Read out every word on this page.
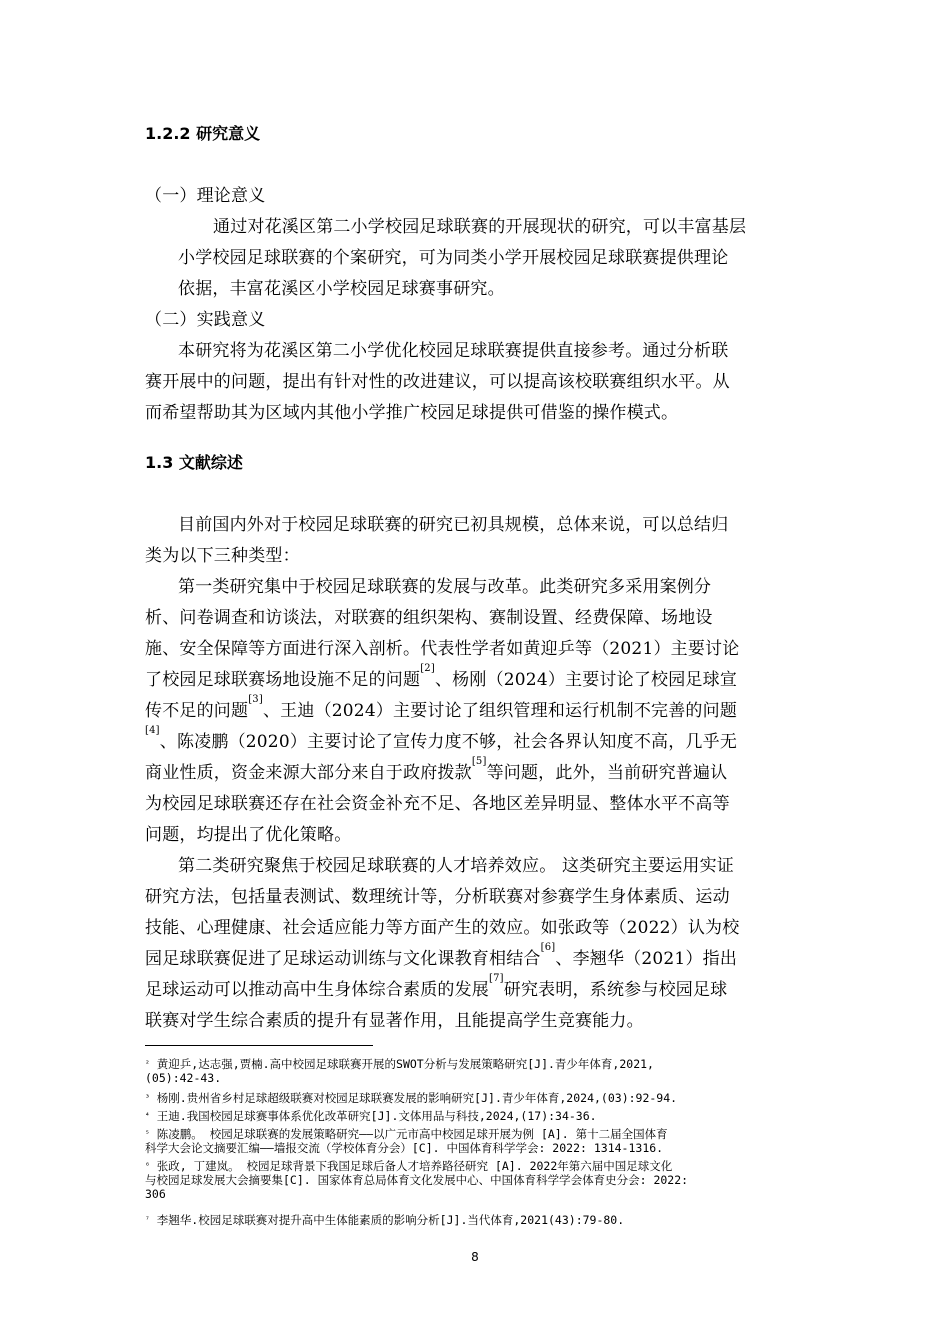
1.2.2 研究意义
（一）理论意义
通过对花溪区第二小学校园足球联赛的开展现状的研究，可以丰富基层
小学校园足球联赛的个案研究，可为同类小学开展校园足球联赛提供理论
依据，丰富花溪区小学校园足球赛事研究。
（二）实践意义
本研究将为花溪区第二小学优化校园足球联赛提供直接参考。通过分析联
赛开展中的问题，提出有针对性的改进建议，可以提高该校联赛组织水平。从
而希望帮助其为区域内其他小学推广校园足球提供可借鉴的操作模式。
1.3 文献综述
目前国内外对于校园足球联赛的研究已初具规模，总体来说，可以总结归
类为以下三种类型：
第一类研究集中于校园足球联赛的发展与改革。此类研究多采用案例分
析、问卷调查和访谈法，对联赛的组织架构、赛制设置、经费保障、场地设
施、安全保障等方面进行深入剖析。代表性学者如黄迎乒等（2021）主要讨论
了校园足球联赛场地设施不足的问题[2]、杨刚（2024）主要讨论了校园足球宣
传不足的问题[3]、王迪（2024）主要讨论了组织管理和运行机制不完善的问题
[4]、陈凌鹏（2020）主要讨论了宣传力度不够，社会各界认知度不高，几乎无
商业性质，资金来源大部分来自于政府拨款[5]等问题，此外，当前研究普遍认
为校园足球联赛还存在社会资金补充不足、各地区差异明显、整体水平不高等
问题，均提出了优化策略。
第二类研究聚焦于校园足球联赛的人才培养效应。 这类研究主要运用实证
研究方法，包括量表测试、数理统计等，分析联赛对参赛学生身体素质、运动
技能、心理健康、社会适应能力等方面产生的效应。如张政等（2022）认为校
园足球联赛促进了足球运动训练与文化课教育相结合[6]、李翘华（2021）指出
足球运动可以推动高中生身体综合素质的发展[7]研究表明，系统参与校园足球
联赛对学生综合素质的提升有显著作用，且能提高学生竞赛能力。
$^{^2}$ 黄迎乒,达志强,贾楠.高中校园足球联赛开展的SWOT分析与发展策略研究[J].青少年体育,2021,
(05):42-43.
$^{^3}$ 杨刚.贵州省乡村足球超级联赛对校园足球联赛发展的影响研究[J].青少年体育,2024,(03):92-94.
$^{^4}$ 王迪.我国校园足球赛事体系优化改革研究[J].文体用品与科技,2024,(17):34-36.
$^{^5}$ 陈凌鹏。 校园足球联赛的发展策略研究——以广元市高中校园足球开展为例 [A]. 第十二届全国体育
科学大会论文摘要汇编——墙报交流（学校体育分会）[C]. 中国体育科学学会: 2022: 1314-1316.
$^{^6}$ 张政, 丁建岚。 校园足球背景下我国足球后备人才培养路径研究 [A]. 2022年第六届中国足球文化
与校园足球发展大会摘要集[C]. 国家体育总局体育文化发展中心、中国体育科学学会体育史分会: 2022:
306
$^{^7}$ 李翘华.校园足球联赛对提升高中生体能素质的影响分析[J].当代体育,2021(43):79-80.
8
